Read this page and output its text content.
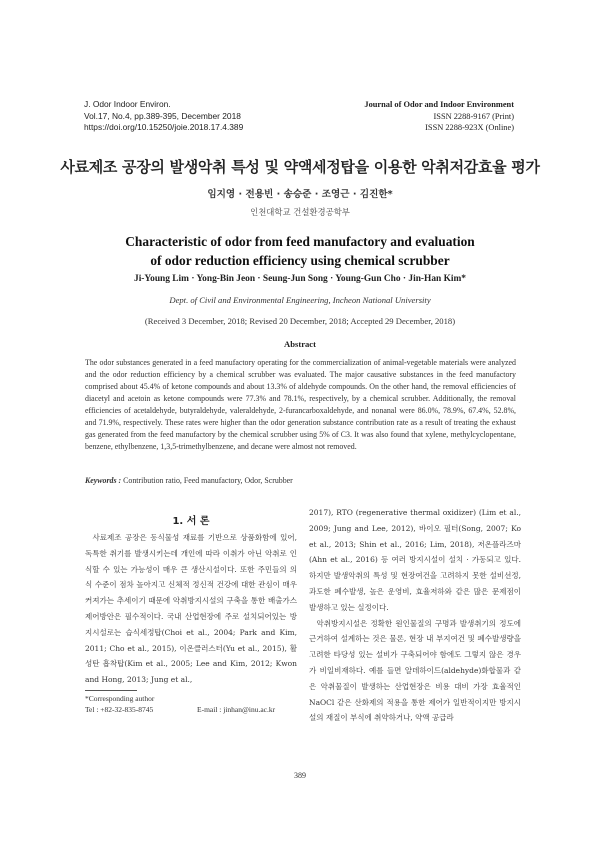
J. Odor Indoor Environ.
Vol.17, No.4, pp.389-395, December 2018
https://doi.org/10.15250/joie.2018.17.4.389
Journal of Odor and Indoor Environment
ISSN 2288-9167 (Print)
ISSN 2288-923X (Online)
사료제조 공장의 발생악취 특성 및 약액세정탑을 이용한 악취저감효율 평가
임지영 · 전용빈 · 송승준 · 조영근 · 김진한*
인천대학교 건설환경공학부
Characteristic of odor from feed manufactory and evaluation
of odor reduction efficiency using chemical scrubber
Ji-Young Lim · Yong-Bin Jeon · Seung-Jun Song · Young-Gun Cho · Jin-Han Kim*
Dept. of Civil and Environmental Engineering, Incheon National University
(Received 3 December, 2018; Revised 20 December, 2018; Accepted 29 December, 2018)
Abstract
The odor substances generated in a feed manufactory operating for the commercialization of animal-vegetable materials were analyzed and the odor reduction efficiency by a chemical scrubber was evaluated. The major causative substances in the feed manufactory comprised about 45.4% of ketone compounds and about 13.3% of aldehyde compounds. On the other hand, the removal efficiencies of diacetyl and acetoin as ketone compounds were 77.3% and 78.1%, respectively, by a chemical scrubber. Additionally, the removal efficiencies of acetaldehyde, butyraldehyde, valeraldehyde, 2-furancarboxaldehyde, and nonanal were 86.0%, 78.9%, 67.4%, 52.8%, and 71.9%, respectively. These rates were higher than the odor generation substance contribution rate as a result of treating the exhaust gas generated from the feed manufactory by the chemical scrubber using 5% of C3. It was also found that xylene, methylcyclopentane, benzene, ethylbenzene, 1,3,5-trimethylbenzene, and decane were almost not removed.
Keywords : Contribution ratio, Feed manufactory, Odor, Scrubber
1. 서 론

사료제조 공장은 동식물성 재료를 기반으로 상품화함에 있어, 독특한 취기를 발생시키는데 개인에 따라 이취가 아닌 악취로 인식할 수 있는 가능성이 매우 큰 생산시설이다. 또한 주민들의 의식 수준이 점차 높아지고 신체적 정신적 건강에 대한 관심이 매우 커져가는 추세이기 때문에 악취방지시설의 구축을 통한 배출가스 제어방안은 필수적이다. 국내 산업현장에 주로 설치되어있는 방지시설로는 습식세정탑(Choi et al., 2004; Park and Kim, 2011; Cho et al., 2015), 이온클러스터(Yu et al., 2015), 활성탄 흡착탑(Kim et al., 2005; Lee and Kim, 2012; Kwon and Hong, 2013; Jung et al.,

2017), RTO (regenerative thermal oxidizer) (Lim et al., 2009; Jung and Lee, 2012), 바이오 필터(Song, 2007; Ko et al., 2013; Shin et al., 2016; Lim, 2018), 저온플라즈마(Ahn et al., 2016) 등 여러 방지시설이 설치 · 가동되고 있다. 하지만 발생악취의 특성 및 현장여건을 고려하지 못한 설비선정, 과도한 폐수발생, 높은 운영비, 효율저하와 같은 많은 문제점이 발생하고 있는 실정이다.

악취방지시설은 정확한 원인물질의 구명과 발생취기의 정도에 근거하여 설계하는 것은 물론, 현장 내 부지여건 및 폐수발생량을 고려한 타당성 있는 설비가 구축되어야 함에도 그렇지 않은 경우가 비일비재하다. 예를 들면 알데하이드(aldehyde)화합물과 같은 악취물질이 발생하는 산업현장은 비용 대비 가장 효율적인 NaOCl 같은 산화제의 적용을 통한 제어가 일반적이지만 방지시설의 재질이 부식에 취약하거나, 약액 공급라

*Corresponding author
Tel : +82-32-835-8745	E-mail : jinhan@inu.ac.kr
389
